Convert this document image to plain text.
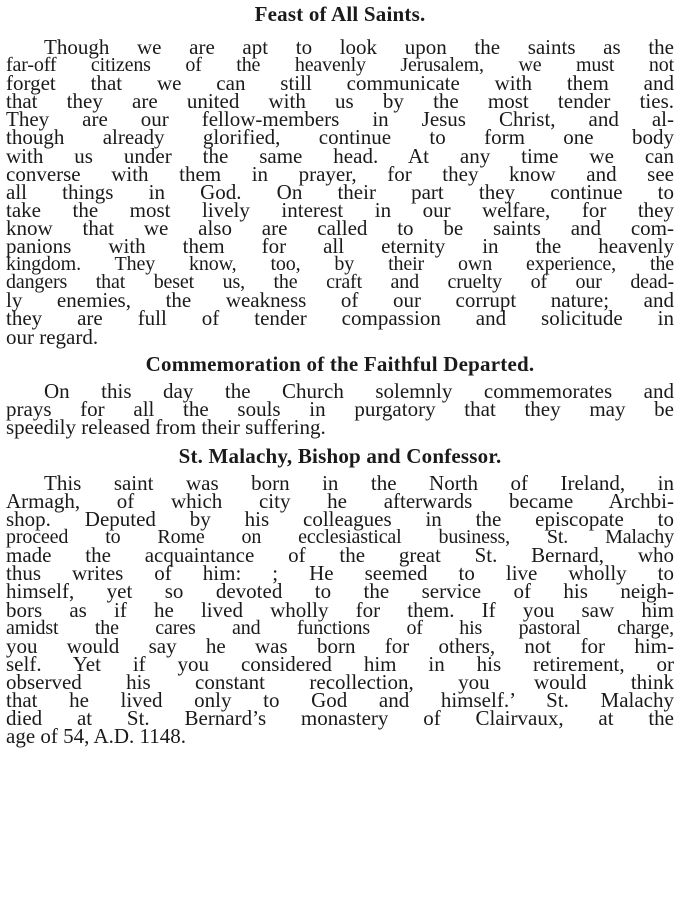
Feast of All Saints.
Though we are apt to look upon the saints as the
far-off citizens of the heavenly Jerusalem, we must not
forget that we can still communicate with them and
that they are united with us by the most tender ties.
They are our fellow-members in Jesus Christ, and al-
though already glorified, continue to form one body
with us under the same head. At any time we can
converse with them in prayer, for they know and see
all things in God. On their part they continue to
take the most lively interest in our welfare, for they
know that we also are called to be saints and com-
panions with them for all eternity in the heavenly
kingdom. They know, too, by their own experience, the
dangers that beset us, the craft and cruelty of our dead-
ly enemies, the weakness of our corrupt nature; and
they are full of tender compassion and solicitude in
our regard.
Commemoration of the Faithful Departed.
On this day the Church solemnly commemorates and
prays for all the souls in purgatory that they may be
speedily released from their suffering.
St. Malachy, Bishop and Confessor.
This saint was born in the North of Ireland, in
Armagh, of which city he afterwards became Archbi-
shop. Deputed by his colleagues in the episcopate to
proceed to Rome on ecclesiastical business, St. Malachy
made the acquaintance of the great St. Bernard, who
thus writes of him: ; He seemed to live wholly to
himself, yet so devoted to the service of his neigh-
bors as if he lived wholly for them. If you saw him
amidst the cares and functions of his pastoral charge,
you would say he was born for others, not for him-
self. Yet if you considered him in his retirement, or
observed his constant recollection, you would think
that he lived only to God and himself.’ St. Malachy
died at St. Bernard’s monastery of Clairvaux, at the
age of 54, A.D. 1148.
